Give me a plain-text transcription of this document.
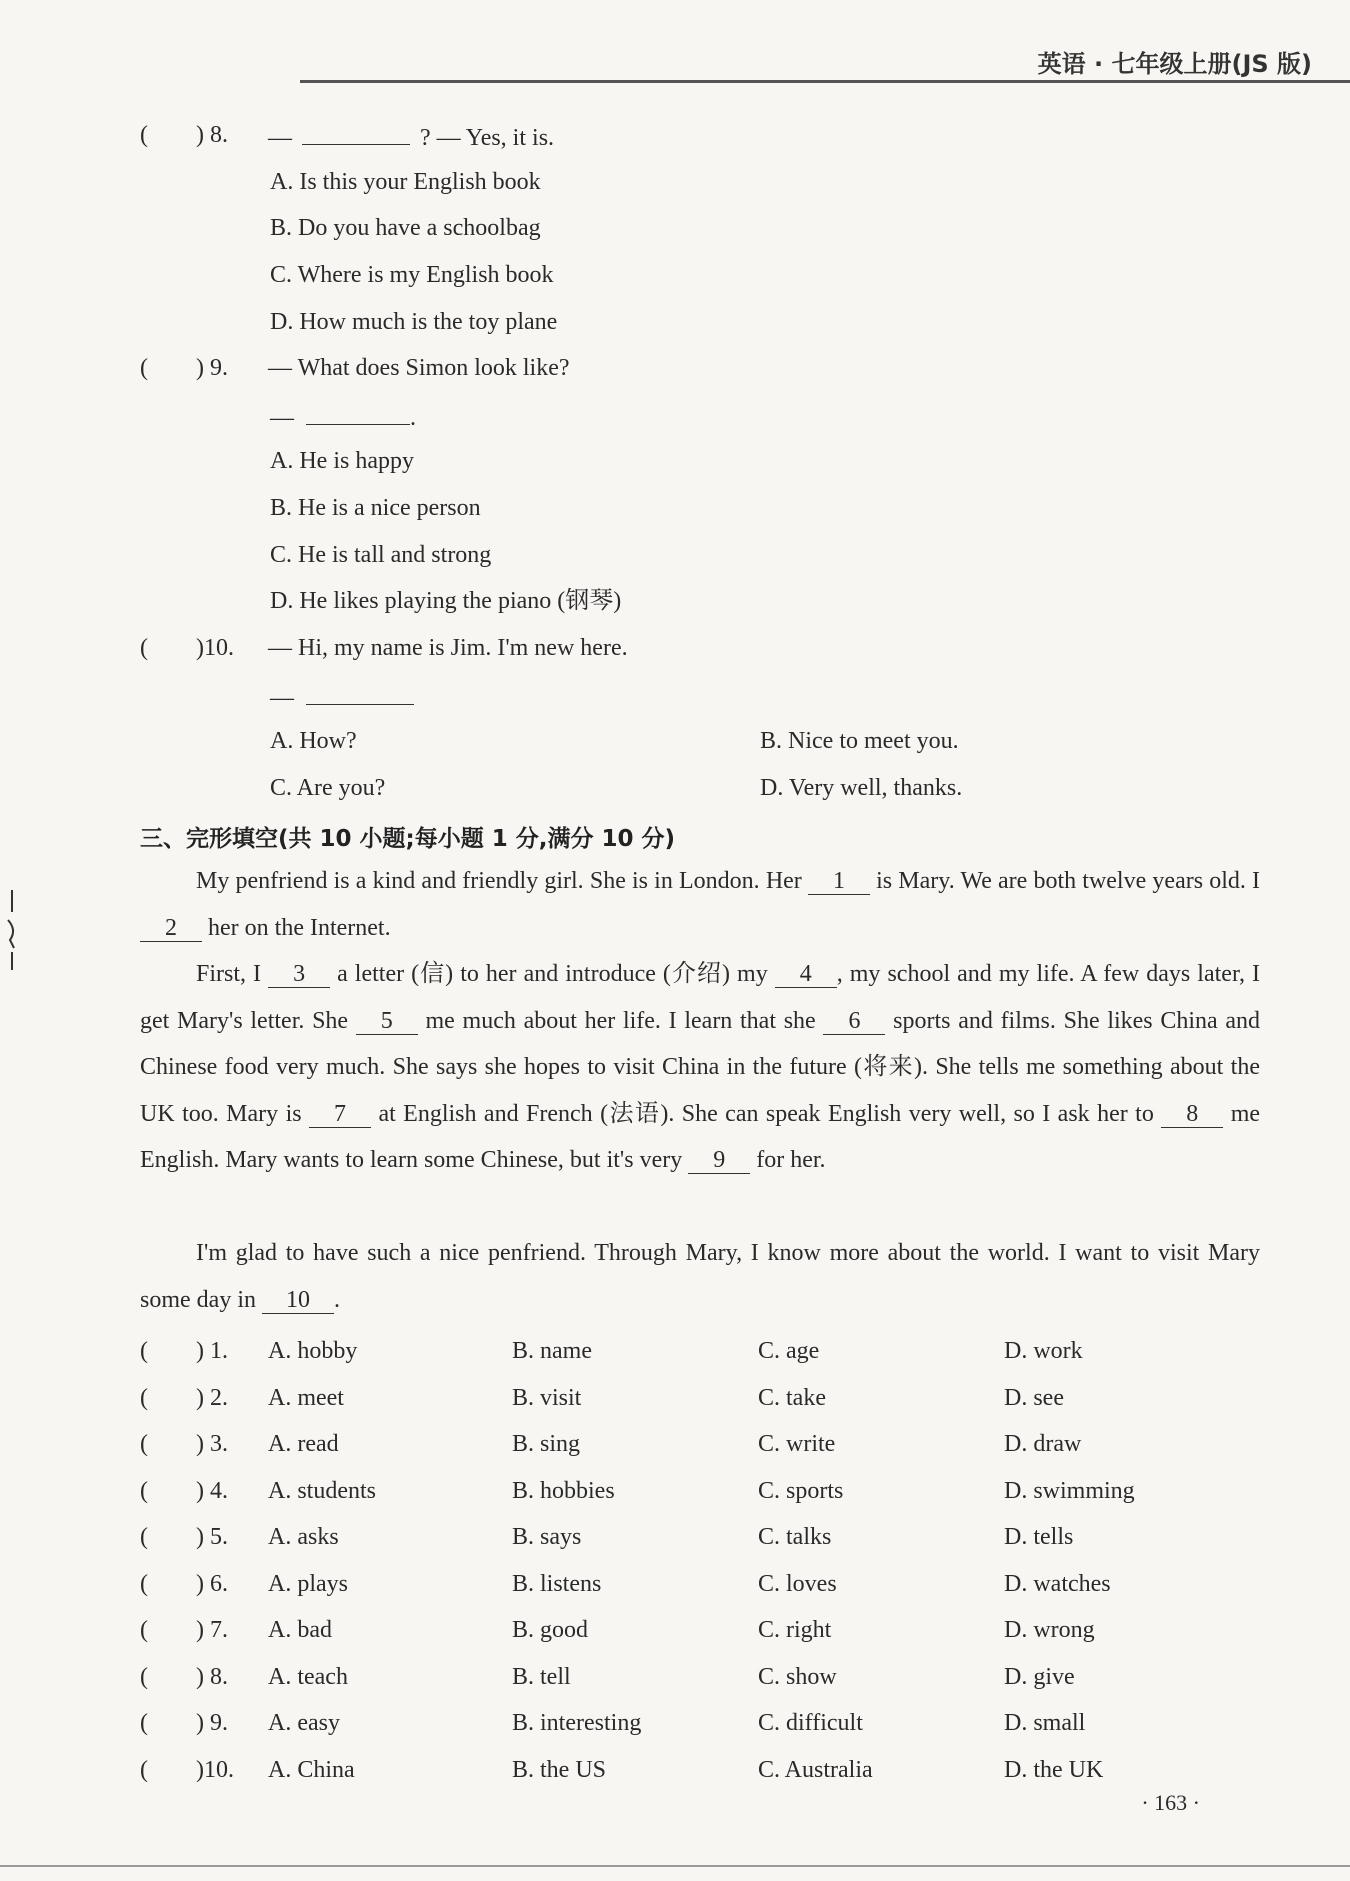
英语 · 七年级上册(JS 版)
(　　) 8. —	? — Yes, it is.
A. Is this your English book
B. Do you have a schoolbag
C. Where is my English book
D. How much is the toy plane
(　　) 9. — What does Simon look like?
—	.
A. He is happy
B. He is a nice person
C. He is tall and strong
D. He likes playing the piano (钢琴)
(　　)10. — Hi, my name is Jim. I'm new here.
—
A. How?	B. Nice to meet you.
C. Are you?	D. Very well, thanks.
三、完形填空(共 10 小题;每小题 1 分,满分 10 分)
My penfriend is a kind and friendly girl. She is in London. Her 1 is Mary. We are both twelve years old. I 2 her on the Internet.
First, I 3 a letter (信) to her and introduce (介绍) my 4 , my school and my life. A few days later, I get Mary's letter. She 5 me much about her life. I learn that she 6 sports and films. She likes China and Chinese food very much. She says she hopes to visit China in the future (将来). She tells me something about the UK too. Mary is 7 at English and French (法语). She can speak English very well, so I ask her to 8 me English. Mary wants to learn some Chinese, but it's very 9 for her.
I'm glad to have such a nice penfriend. Through Mary, I know more about the world. I want to visit Mary some day in 10 .
(　　) 1. A. hobby	B. name	C. age	D. work
(　　) 2. A. meet	B. visit	C. take	D. see
(　　) 3. A. read	B. sing	C. write	D. draw
(　　) 4. A. students	B. hobbies	C. sports	D. swimming
(　　) 5. A. asks	B. says	C. talks	D. tells
(　　) 6. A. plays	B. listens	C. loves	D. watches
(　　) 7. A. bad	B. good	C. right	D. wrong
(　　) 8. A. teach	B. tell	C. show	D. give
(　　) 9. A. easy	B. interesting	C. difficult	D. small
(　　)10. A. China	B. the US	C. Australia	D. the UK
· 163 ·
